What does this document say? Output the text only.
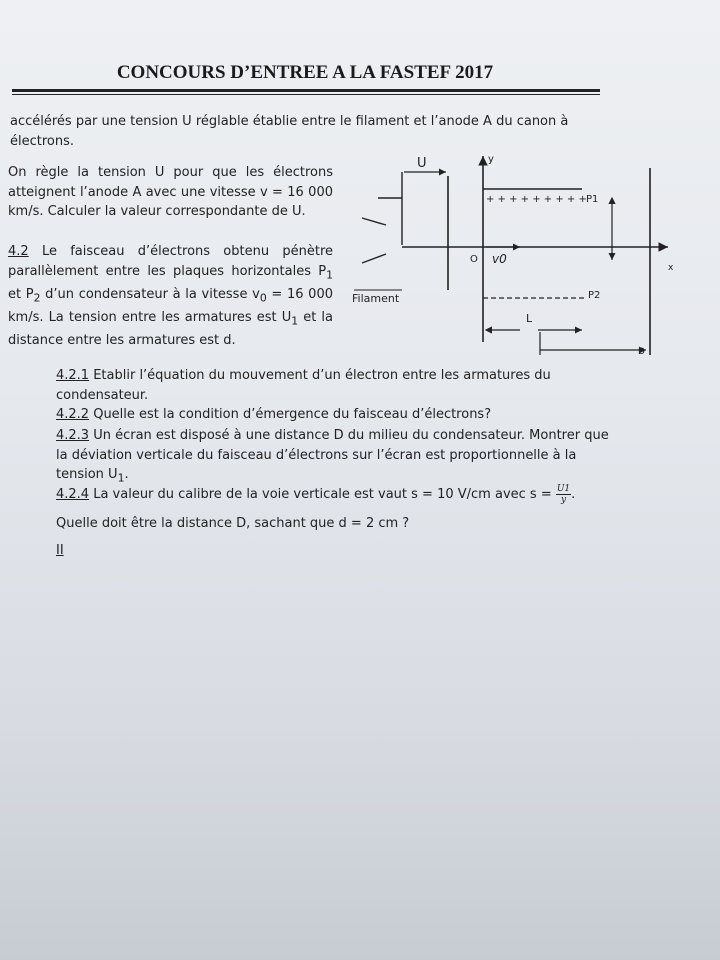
CONCOURS D’ENTREE A LA FASTEF 2017
accélérés par une tension U réglable établie entre le filament et l’anode A du canon à électrons.
On règle la tension U pour que les électrons atteignent l’anode A avec une vitesse v = 16 000 km/s. Calculer la valeur correspondante de U.
4.2 Le faisceau d’électrons obtenu pénètre parallèlement entre les plaques horizontales $P_1$ et $P_2$ d’un condensateur à la vitesse $v_0 = 16$ 000 km/s. La tension entre les armatures est $U_1$ et la distance entre les armatures est d.
y
x
U
O v0
+ + + + + + + + + P1
P2
L
D
Filament
4.2.1 Etablir l’équation du mouvement d’un électron entre les armatures du condensateur.
4.2.2 Quelle est la condition d’émergence du faisceau d’électrons?
4.2.3 Un écran est disposé à une distance D du milieu du condensateur. Montrer que la déviation verticale du faisceau d’électrons sur l’écran est proportionnelle à la tension $U_1$.
4.2.4 La valeur du calibre de la voie verticale est vaut s = 10 V/cm avec $s = \frac{U1}{y}$ .
Quelle doit être la distance D, sachant que d = 2 cm ?
II
